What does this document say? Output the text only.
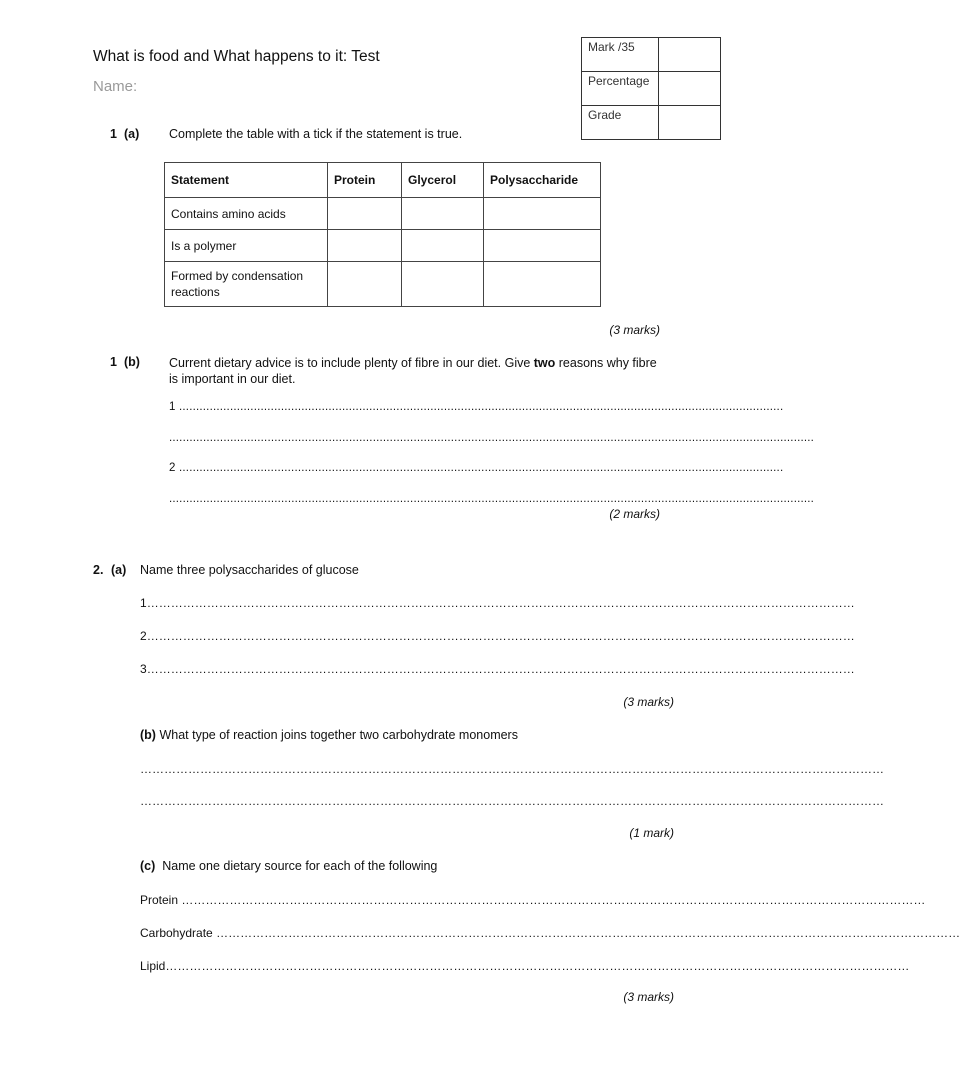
What is food and What happens to it: Test
Name:
Mark /35	
Percentage	
Grade	
1 (a) Complete the table with a tick if the statement is true.
Statement	Protein	Glycerol	Polysaccharide
Contains amino acids			
Is a polymer			
Formed by condensation reactions			
(3 marks)
1 (b) Current dietary advice is to include plenty of fibre in our diet. Give two reasons why fibre is important in our diet.
1 ..................................................................................................................................................................................
..............................................................................................................................................................................................
2 ..................................................................................................................................................................................
..............................................................................................................................................................................................
(2 marks)
2. (a) Name three polysaccharides of glucose
1……………………………………………………………………………………………………………………………………………………………
2……………………………………………………………………………………………………………………………………………………………
3……………………………………………………………………………………………………………………………………………………………
(3 marks)
(b) What type of reaction joins together two carbohydrate monomers
……………………………………………………………………………………………………………………………………………………………………
……………………………………………………………………………………………………………………………………………………………………
(1 mark)
(c) Name one dietary source for each of the following
Protein ……………………………………………………………………………………………………………………………………………………………………
Carbohydrate ……………………………………………………………………………………………………………………………………………………………………
Lipid……………………………………………………………………………………………………………………………………………………………………
(3 marks)
